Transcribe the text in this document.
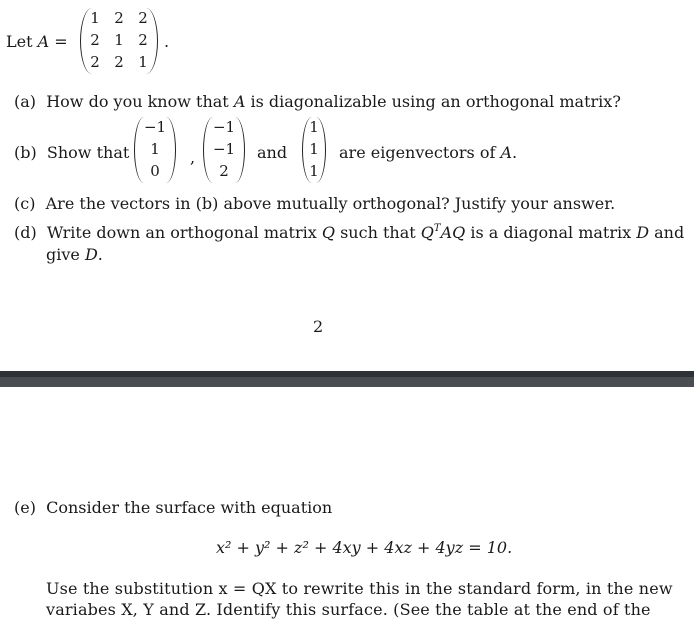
Let A =
1 2 2
2 1 2
2 2 1
.
(a) How do you know that A is diagonalizable using an orthogonal matrix?
(b) Show that
−1
1
0
,
−1
−1
2
and
1
1
1
are eigenvectors of A.
(c) Are the vectors in (b) above mutually orthogonal? Justify your answer.
(d) Write down an orthogonal matrix Q such that $Q^TAQ$ is a diagonal matrix D and
give D.
2
(e) Consider the surface with equation
x² + y² + z² + 4xy + 4xz + 4yz = 10.
Use the substitution x = QX to rewrite this in the standard form, in the new
variabes X, Y and Z. Identify this surface. (See the table at the end of the
